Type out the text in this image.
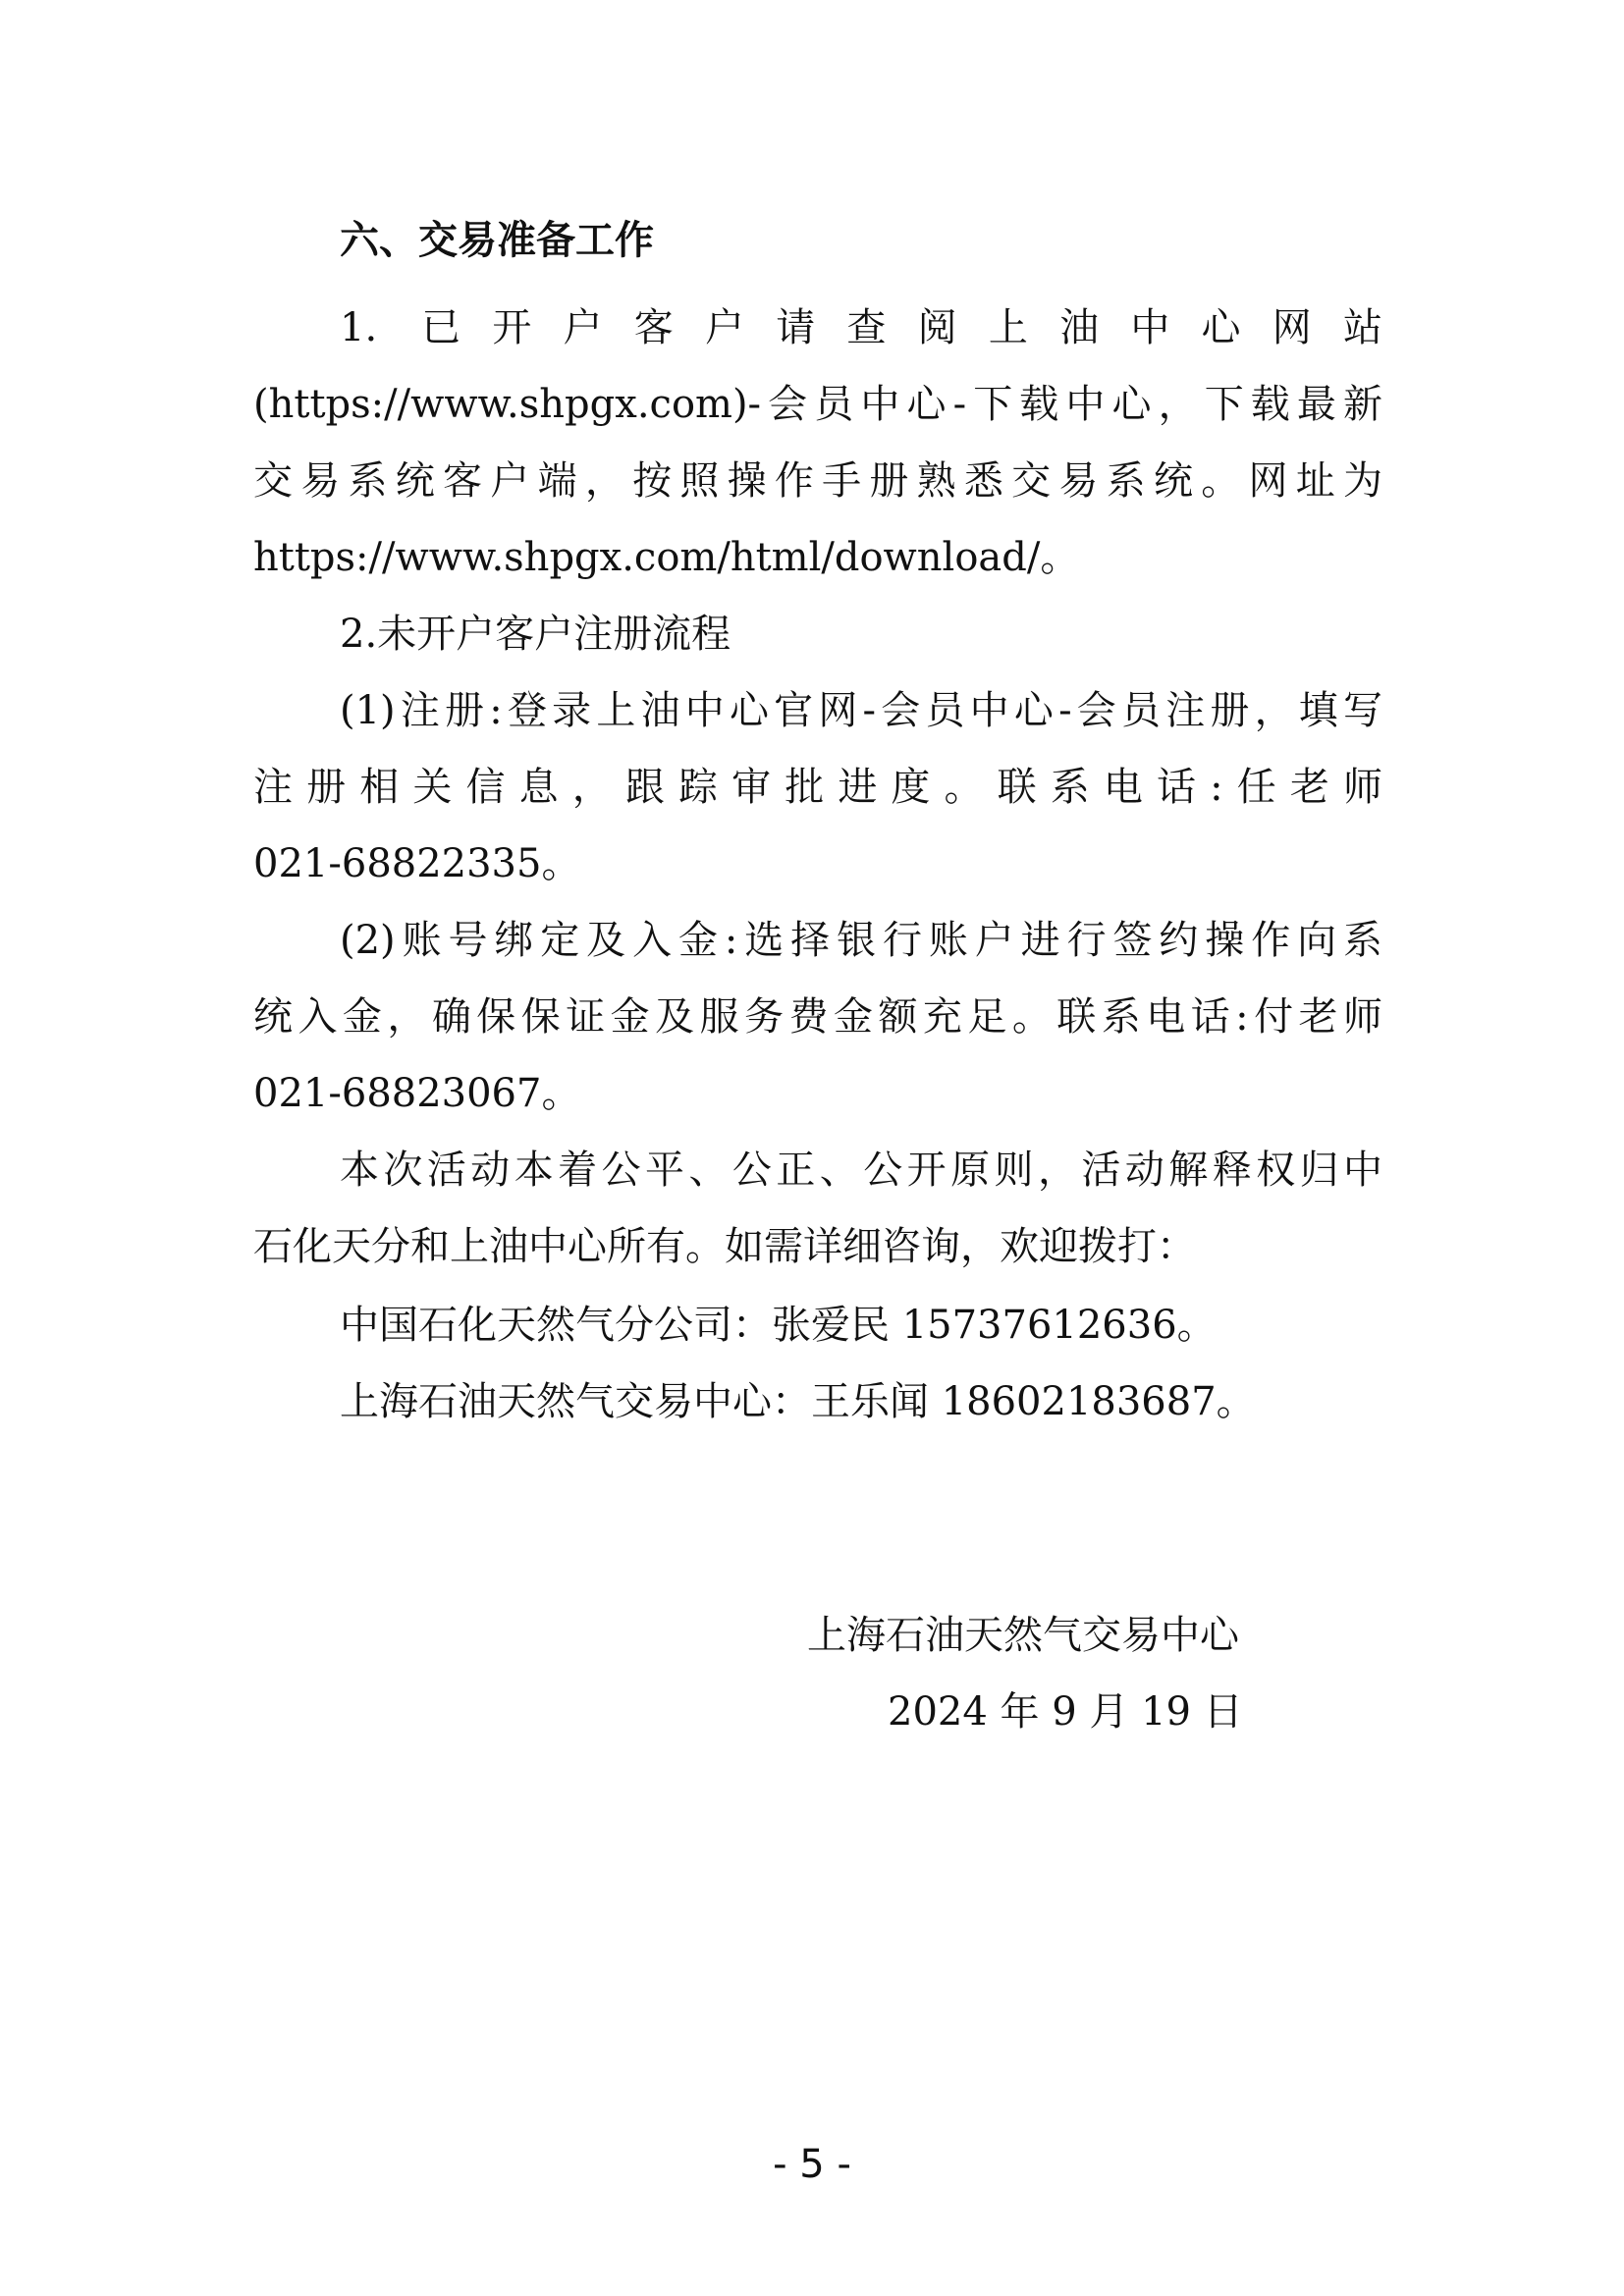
六、交易准备工作
1. 已开户客户请查阅上油中心网站
(https://www.shpgx.com)-会员中心-下载中心，下载最新
交易系统客户端，按照操作手册熟悉交易系统。网址为
https://www.shpgx.com/html/download/。
2.未开户客户注册流程
(1)注册:登录上油中心官网-会员中心-会员注册，填写
注册相关信息，跟踪审批进度。联系电话:任老师
021-68822335。
(2)账号绑定及入金:选择银行账户进行签约操作向系
统入金，确保保证金及服务费金额充足。联系电话:付老师
021-68823067。
本次活动本着公平、公正、公开原则，活动解释权归中
石化天分和上油中心所有。如需详细咨询，欢迎拨打：
中国石化天然气分公司：张爱民 15737612636。
上海石油天然气交易中心：王乐闻 18602183687。
上海石油天然气交易中心
2024 年 9 月 19 日
- 5 -
